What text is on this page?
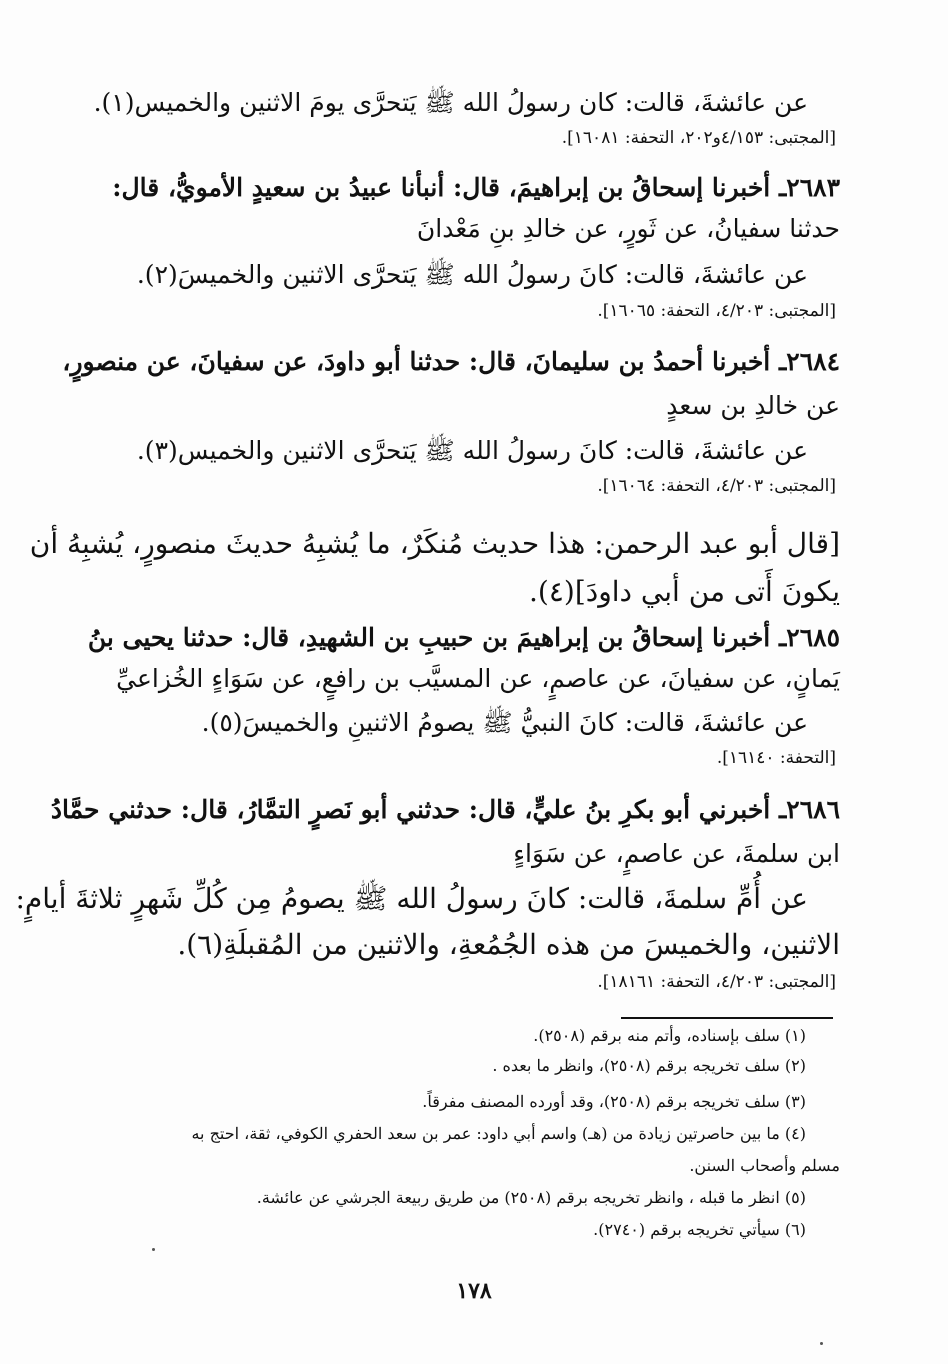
عن عائشةَ، قالت: كان رسولُ الله ﷺ يَتحرَّى يومَ الاثنين والخميس(١).
[المجتبى: ٤/١٥٣و٢٠٢، التحفة: ١٦٠٨١].
٢٦٨٣ـ أخبرنا إسحاقُ بن إبراهيمَ، قال: أنبأنا عبيدُ بن سعيدٍ الأمويُّ، قال:
حدثنا سفيانُ، عن ثَورٍ، عن خالدِ بنِ مَعْدانَ
عن عائشةَ، قالت: كانَ رسولُ الله ﷺ يَتحرَّى الاثنين والخميسَ(٢).
[المجتبى: ٤/٢٠٣، التحفة: ١٦٠٦٥].
٢٦٨٤ـ أخبرنا أحمدُ بن سليمانَ، قال: حدثنا أبو داودَ، عن سفيانَ، عن منصورٍ،
عن خالدِ بن سعدٍ
عن عائشةَ، قالت: كانَ رسولُ الله ﷺ يَتحرَّى الاثنين والخميس(٣).
[المجتبى: ٤/٢٠٣، التحفة: ١٦٠٦٤].
[قال أبو عبد الرحمن: هذا حديث مُنكَرٌ، ما يُشبِهُ حديثَ منصورٍ، يُشبِهُ أن
يكونَ أَتى من أبي داودَ](٤).
٢٦٨٥ـ أخبرنا إسحاقُ بن إبراهيمَ بن حبيبِ بن الشهيدِ، قال: حدثنا يحيى بنُ
يَمانٍ، عن سفيانَ، عن عاصمٍ، عن المسيَّب بن رافعٍ، عن سَوَاءٍ الخُزاعيِّ
عن عائشةَ، قالت: كانَ النبيُّ ﷺ يصومُ الاثنينِ والخميسَ(٥).
[التحفة: ١٦١٤٠].
٢٦٨٦ـ أخبرني أبو بكرِ بنُ عليٍّ، قال: حدثني أبو نَصرٍ التمَّارُ، قال: حدثني حمَّادُ
ابن سلمةَ، عن عاصمٍ، عن سَوَاءٍ
عن أُمِّ سلمةَ، قالت: كانَ رسولُ الله ﷺ يصومُ مِن كُلِّ شَهرٍ ثلاثةَ أيامٍ:
الاثنين، والخميسَ من هذه الجُمُعةِ، والاثنين من المُقبلَةِ(٦).
[المجتبى: ٤/٢٠٣، التحفة: ١٨١٦١].
(١) سلف بإسناده، وأتم منه برقم (٢٥٠٨).
(٢) سلف تخريجه برقم (٢٥٠٨)، وانظر ما بعده .
(٣) سلف تخريجه برقم (٢٥٠٨)، وقد أورده المصنف مفرقاً.
(٤) ما بين حاصرتين زيادة من (هـ) واسم أبي داود: عمر بن سعد الحفري الكوفي، ثقة، احتج به
مسلم وأصحاب السنن.
(٥) انظر ما قبله ، وانظر تخريجه برقم (٢٥٠٨) من طريق ربيعة الجرشي عن عائشة.
(٦) سيأتي تخريجه برقم (٢٧٤٠).
١٧٨
